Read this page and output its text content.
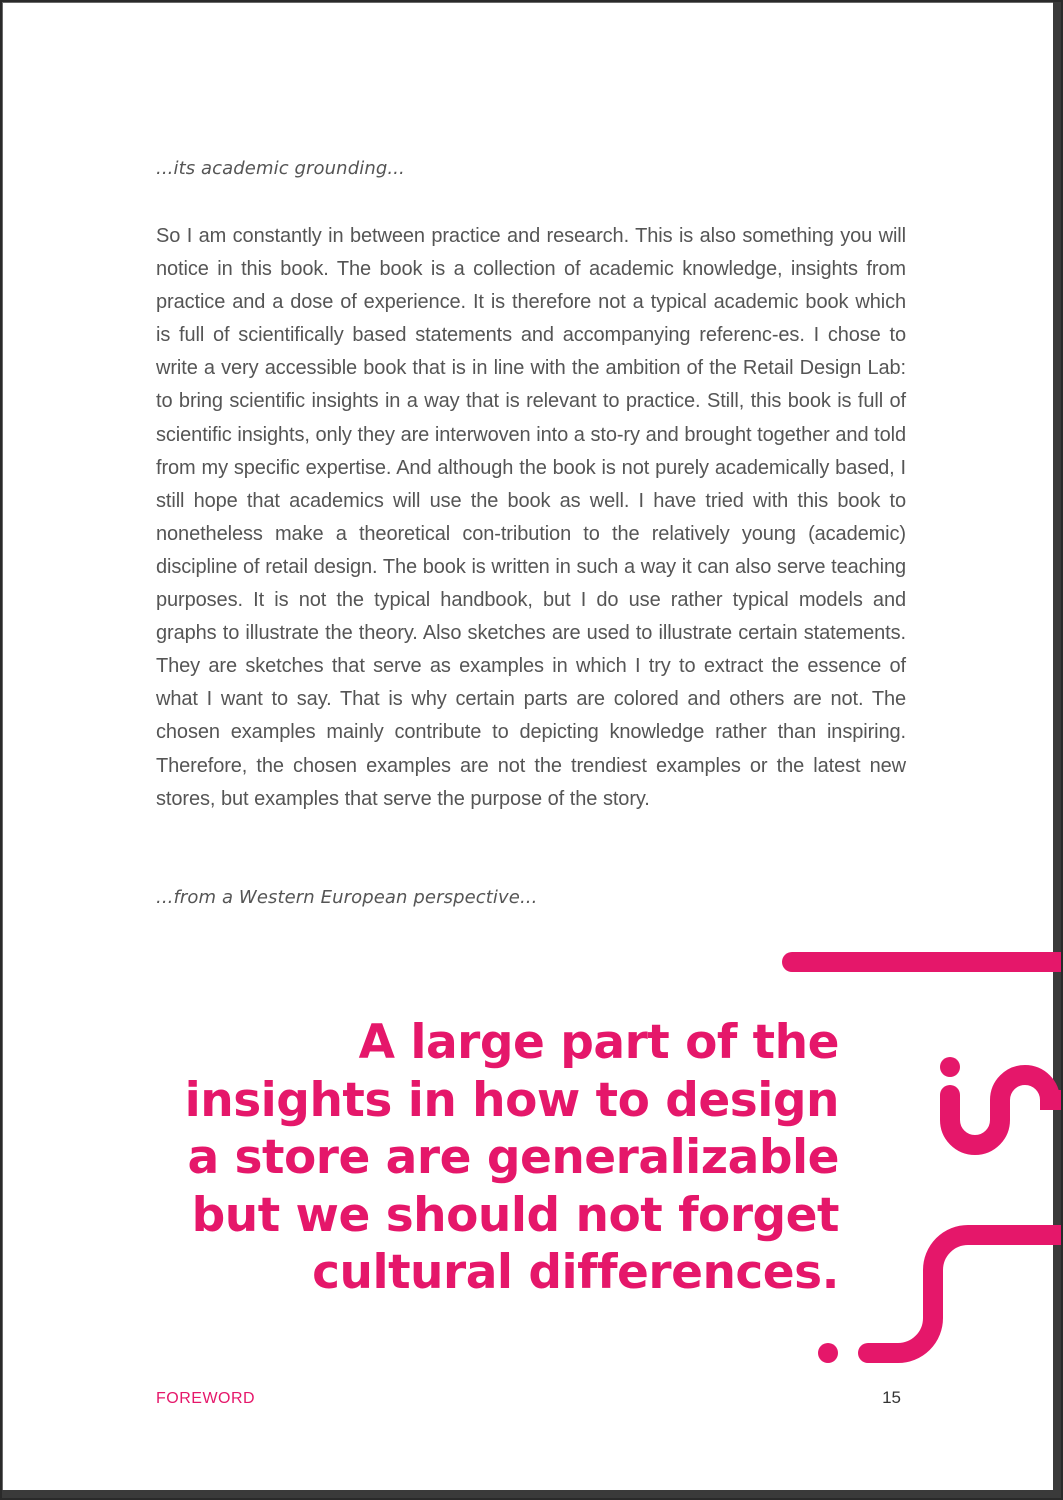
...its academic grounding...

So I am constantly in between practice and research. This is also something you will notice in this book. The book is a collection of academic knowledge, insights from practice and a dose of experience. It is therefore not a typical academic book which is full of scientifically based statements and accompanying referenc-es. I chose to write a very accessible book that is in line with the ambition of the Retail Design Lab: to bring scientific insights in a way that is relevant to practice. Still, this book is full of scientific insights, only they are interwoven into a sto-ry and brought together and told from my specific expertise. And although the book is not purely academically based, I still hope that academics will use the book as well. I have tried with this book to nonetheless make a theoretical con-tribution to the relatively young (academic) discipline of retail design. The book is written in such a way it can also serve teaching purposes. It is not the typical handbook, but I do use rather typical models and graphs to illustrate the theory. Also sketches are used to illustrate certain statements. They are sketches that serve as examples in which I try to extract the essence of what I want to say. That is why certain parts are colored and others are not. The chosen examples mainly contribute to depicting knowledge rather than inspiring. Therefore, the chosen examples are not the trendiest examples or the latest new stores, but examples that serve the purpose of the story.

...from a Western European perspective...
A large part of the
insights in how to design
a store are generalizable
but we should not forget
cultural differences.
FOREWORD	15
